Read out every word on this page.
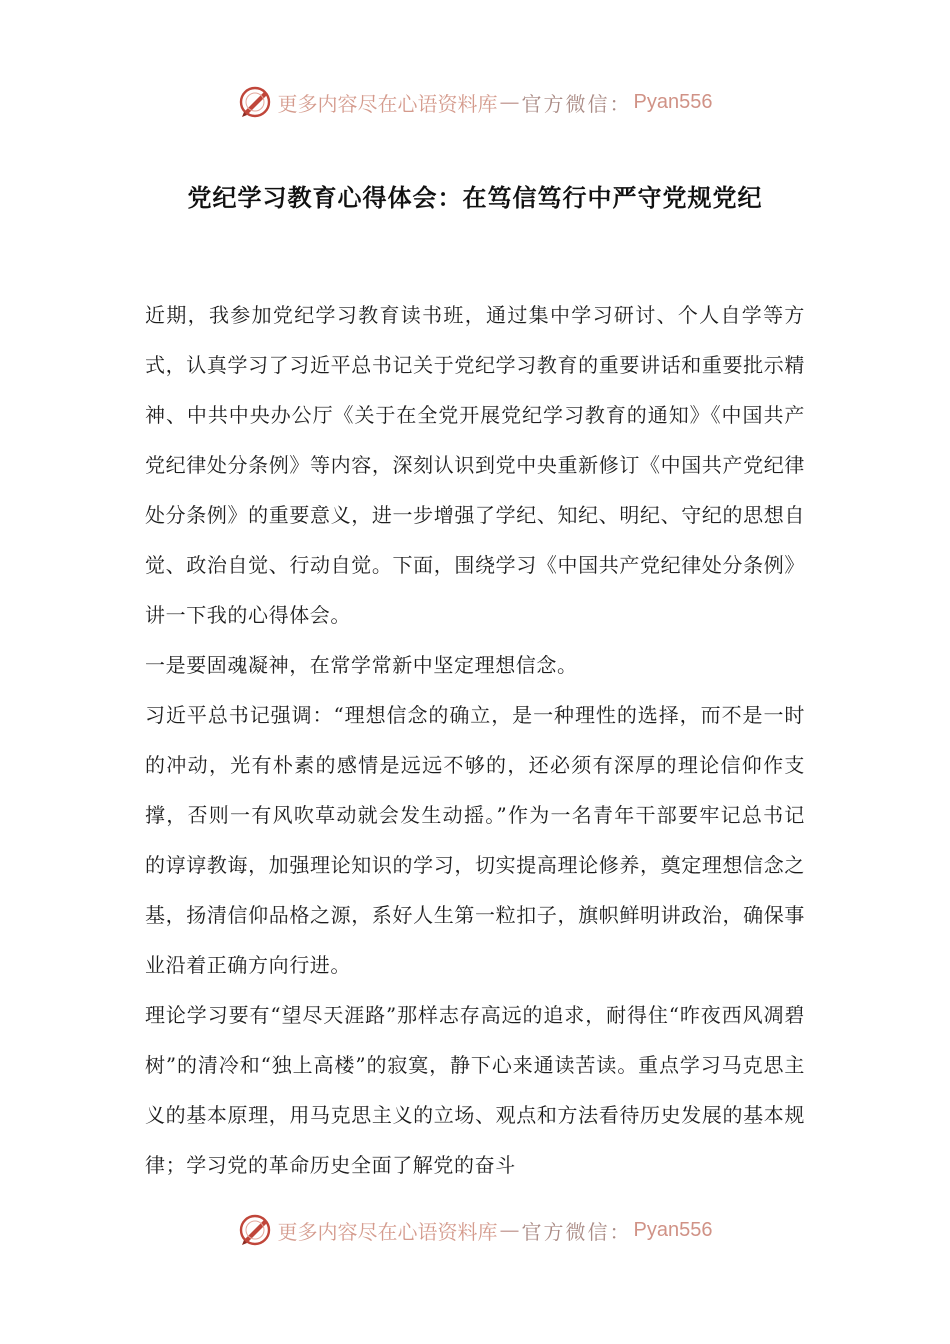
更多内容尽在心语资料库 — 官方微信： Pyan556
党纪学习教育心得体会：在笃信笃行中严守党规党纪

近期，我参加党纪学习教育读书班，通过集中学习研讨、个人自学等方式，认真学习了习近平总书记关于党纪学习教育的重要讲话和重要批示精神、中共中央办公厅《关于在全党开展党纪学习教育的通知》《中国共产党纪律处分条例》等内容，深刻认识到党中央重新修订《中国共产党纪律处分条例》的重要意义，进一步增强了学纪、知纪、明纪、守纪的思想自觉、政治自觉、行动自觉。下面，围绕学习《中国共产党纪律处分条例》讲一下我的心得体会。

一是要固魂凝神，在常学常新中坚定理想信念。

习近平总书记强调：“理想信念的确立，是一种理性的选择，而不是一时的冲动，光有朴素的感情是远远不够的，还必须有深厚的理论信仰作支撑，否则一有风吹草动就会发生动摇。”作为一名青年干部要牢记总书记的谆谆教诲，加强理论知识的学习，切实提高理论修养，奠定理想信念之基，扬清信仰品格之源，系好人生第一粒扣子，旗帜鲜明讲政治，确保事业沿着正确方向行进。

理论学习要有“望尽天涯路”那样志存高远的追求，耐得住“昨夜西风凋碧树”的清冷和“独上高楼”的寂寞，静下心来通读苦读。重点学习马克思主义的基本原理，用马克思主义的立场、观点和方法看待历史发展的基本规律；学习党的革命历史全面了解党的奋斗

更多内容尽在心语资料库 — 官方微信： Pyan556
